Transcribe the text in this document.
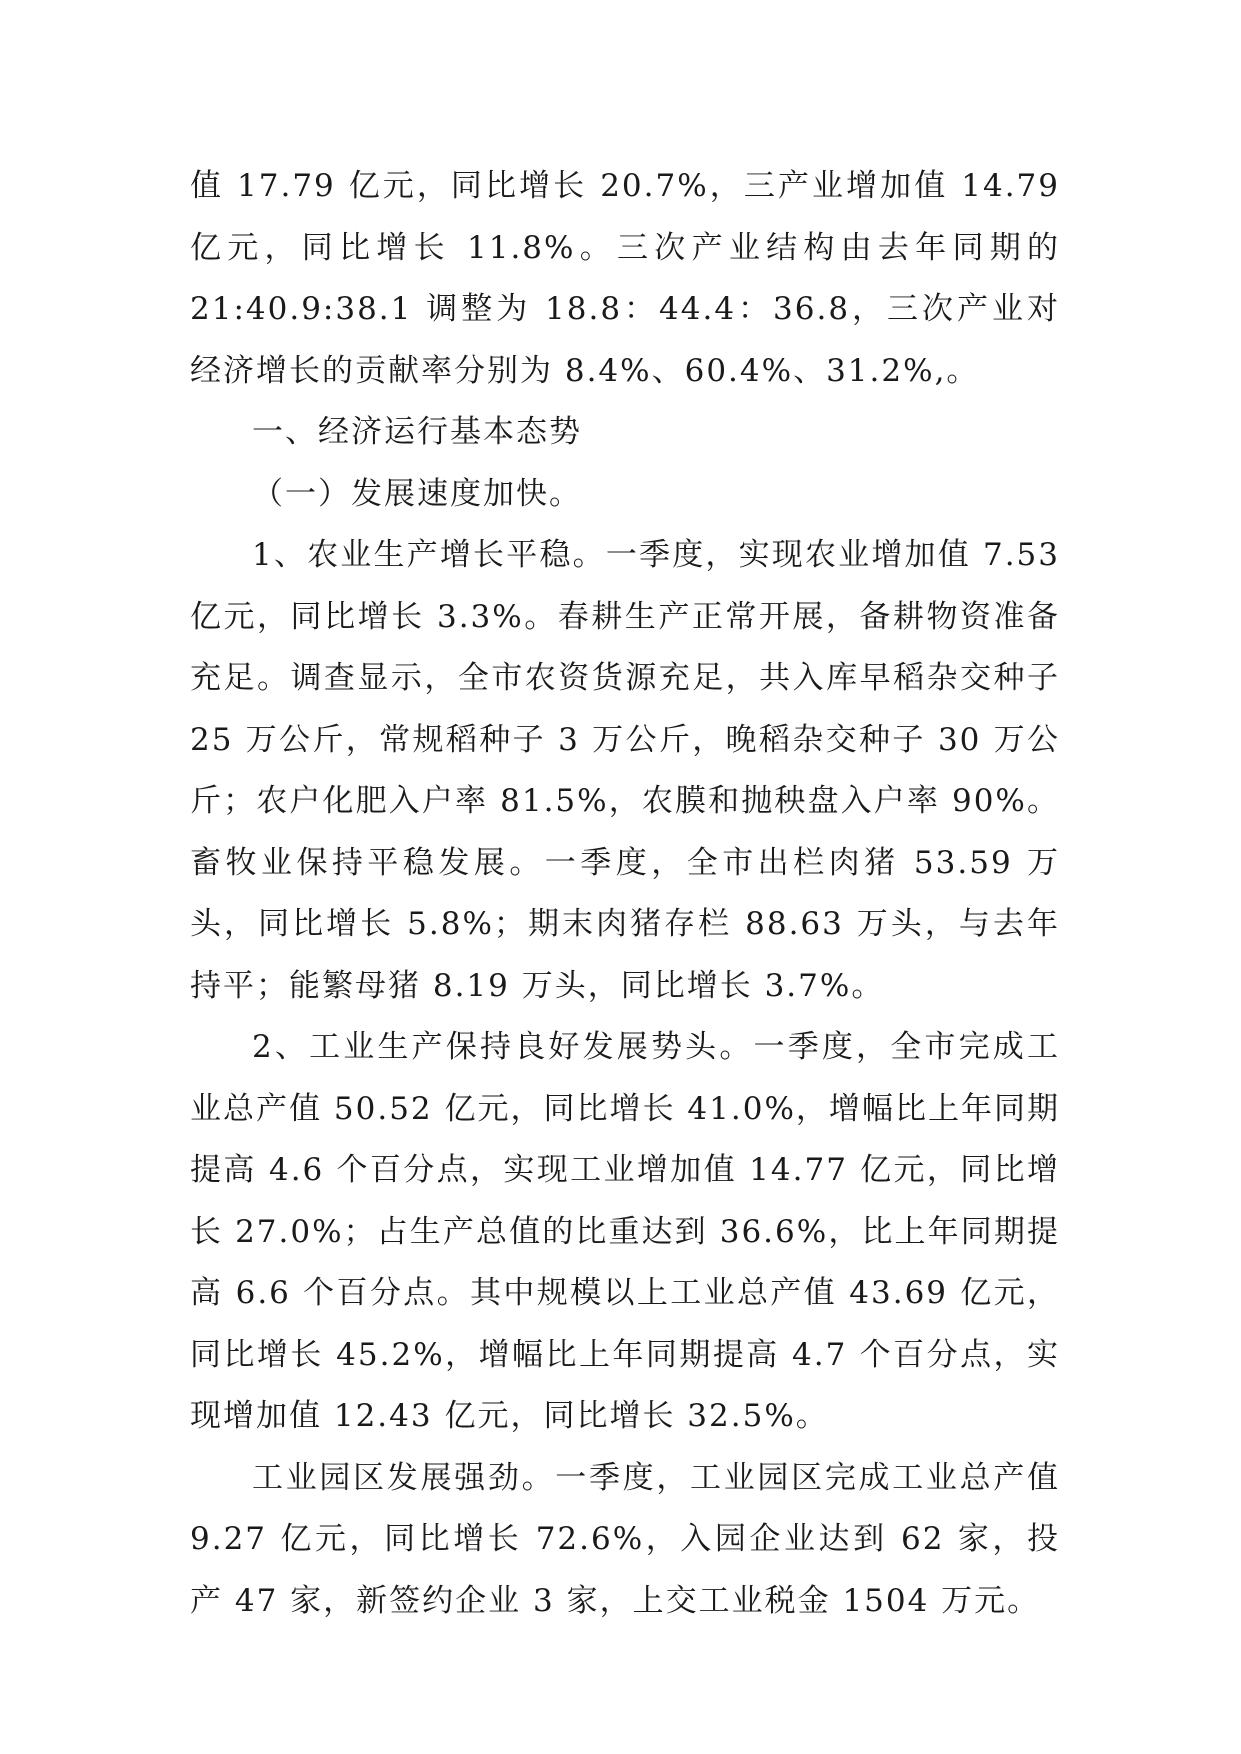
值 17.79 亿元，同比增长 20.7%，三产业增加值 14.79 亿元，同比增长 11.8%。三次产业结构由去年同期的 21:40.9:38.1 调整为 18.8：44.4：36.8，三次产业对经济增长的贡献率分别为 8.4%、60.4%、31.2%,。

一、经济运行基本态势

（一）发展速度加快。

1、农业生产增长平稳。一季度，实现农业增加值 7.53 亿元，同比增长 3.3%。春耕生产正常开展，备耕物资准备充足。调查显示，全市农资货源充足，共入库早稻杂交种子 25 万公斤，常规稻种子 3 万公斤，晚稻杂交种子 30 万公斤；农户化肥入户率 81.5%，农膜和抛秧盘入户率 90%。畜牧业保持平稳发展。一季度，全市出栏肉猪 53.59 万头，同比增长 5.8%；期末肉猪存栏 88.63 万头，与去年持平；能繁母猪 8.19 万头，同比增长 3.7%。

2、工业生产保持良好发展势头。一季度，全市完成工业总产值 50.52 亿元，同比增长 41.0%，增幅比上年同期提高 4.6 个百分点，实现工业增加值 14.77 亿元，同比增长 27.0%；占生产总值的比重达到 36.6%，比上年同期提高 6.6 个百分点。其中规模以上工业总产值 43.69 亿元，同比增长 45.2%，增幅比上年同期提高 4.7 个百分点，实现增加值 12.43 亿元，同比增长 32.5%。

工业园区发展强劲。一季度，工业园区完成工业总产值 9.27 亿元，同比增长 72.6%，入园企业达到 62 家，投产 47 家，新签约企业 3 家，上交工业税金 1504 万元。
